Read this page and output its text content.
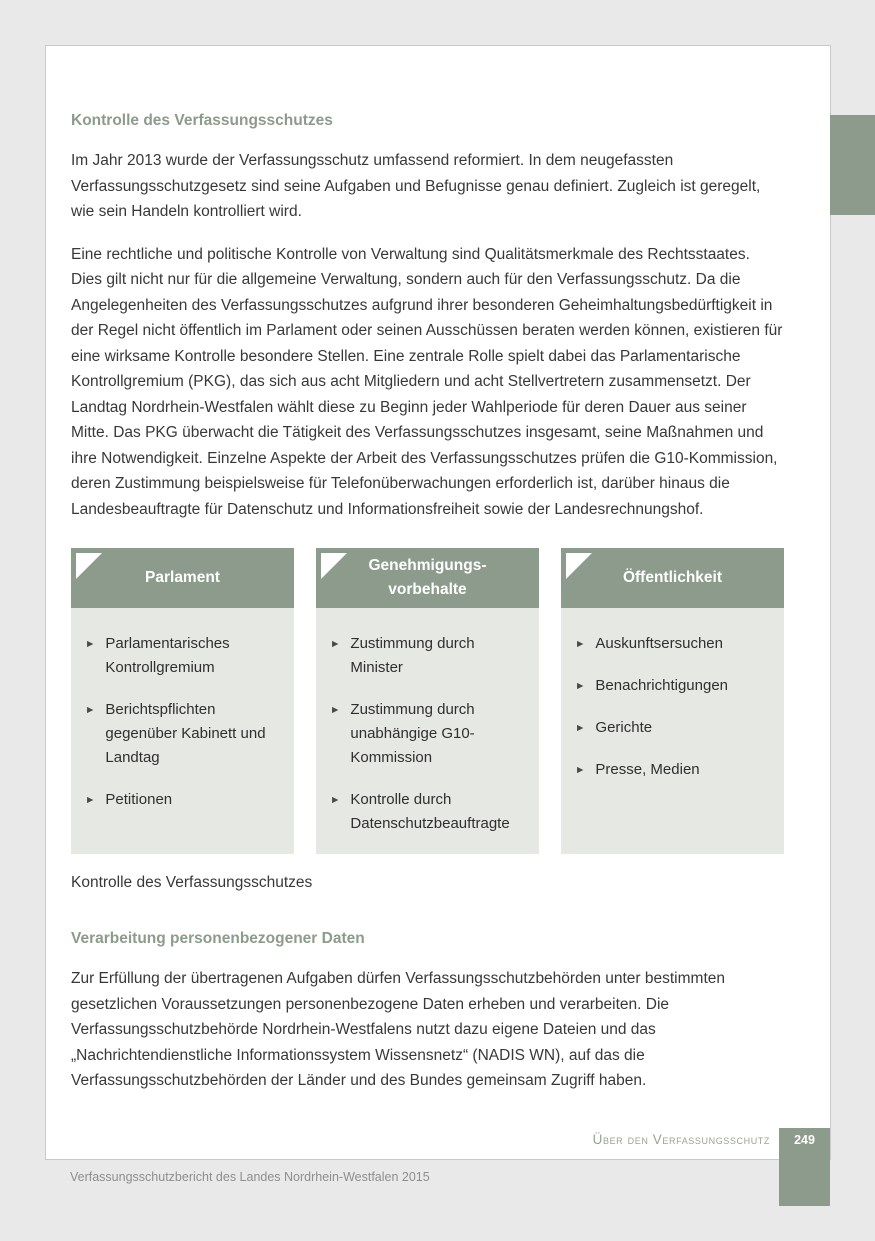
Kontrolle des Verfassungsschutzes

Im Jahr 2013 wurde der Verfassungsschutz umfassend reformiert. In dem neugefassten Verfassungsschutzgesetz sind seine Aufgaben und Befugnisse genau definiert. Zugleich ist geregelt, wie sein Handeln kontrolliert wird.

Eine rechtliche und politische Kontrolle von Verwaltung sind Qualitätsmerkmale des Rechtsstaates. Dies gilt nicht nur für die allgemeine Verwaltung, sondern auch für den Verfassungsschutz. Da die Angelegenheiten des Verfassungsschutzes aufgrund ihrer besonderen Geheimhaltungsbedürftigkeit in der Regel nicht öffentlich im Parlament oder seinen Ausschüssen beraten werden können, existieren für eine wirksame Kontrolle besondere Stellen. Eine zentrale Rolle spielt dabei das Parlamentarische Kontrollgremium (PKG), das sich aus acht Mitgliedern und acht Stellvertretern zusammensetzt. Der Landtag Nordrhein-Westfalen wählt diese zu Beginn jeder Wahlperiode für deren Dauer aus seiner Mitte. Das PKG überwacht die Tätigkeit des Verfassungsschutzes insgesamt, seine Maßnahmen und ihre Notwendigkeit. Einzelne Aspekte der Arbeit des Verfassungsschutzes prüfen die G10-Kommission, deren Zustimmung beispielsweise für Telefonüberwachungen erforderlich ist, darüber hinaus die Landesbeauftragte für Datenschutz und Informationsfreiheit sowie der Landesrechnungshof.

Parlament
► Parlamentarisches Kontrollgremium
► Berichtspflichten gegenüber Kabinett und Landtag
► Petitionen
Genehmigungs-
vorbehalte
► Zustimmung durch Minister
► Zustimmung durch unabhängige G10-Kommission
► Kontrolle durch Datenschutzbeauftragte
Öffentlichkeit
► Auskunftsersuchen
► Benachrichtigungen
► Gerichte
► Presse, Medien

Kontrolle des Verfassungsschutzes

Verarbeitung personenbezogener Daten

Zur Erfüllung der übertragenen Aufgaben dürfen Verfassungsschutzbehörden unter bestimmten gesetzlichen Voraussetzungen personenbezogene Daten erheben und verarbeiten. Die Verfassungsschutzbehörde Nordrhein-Westfalens nutzt dazu eigene Dateien und das „Nachrichtendienstliche Informationssystem Wissensnetz“ (NADIS WN), auf das die Verfassungsschutzbehörden der Länder und des Bundes gemeinsam Zugriff haben.

Über den Verfassungsschutz	249
Verfassungsschutzbericht des Landes Nordrhein-Westfalen 2015
